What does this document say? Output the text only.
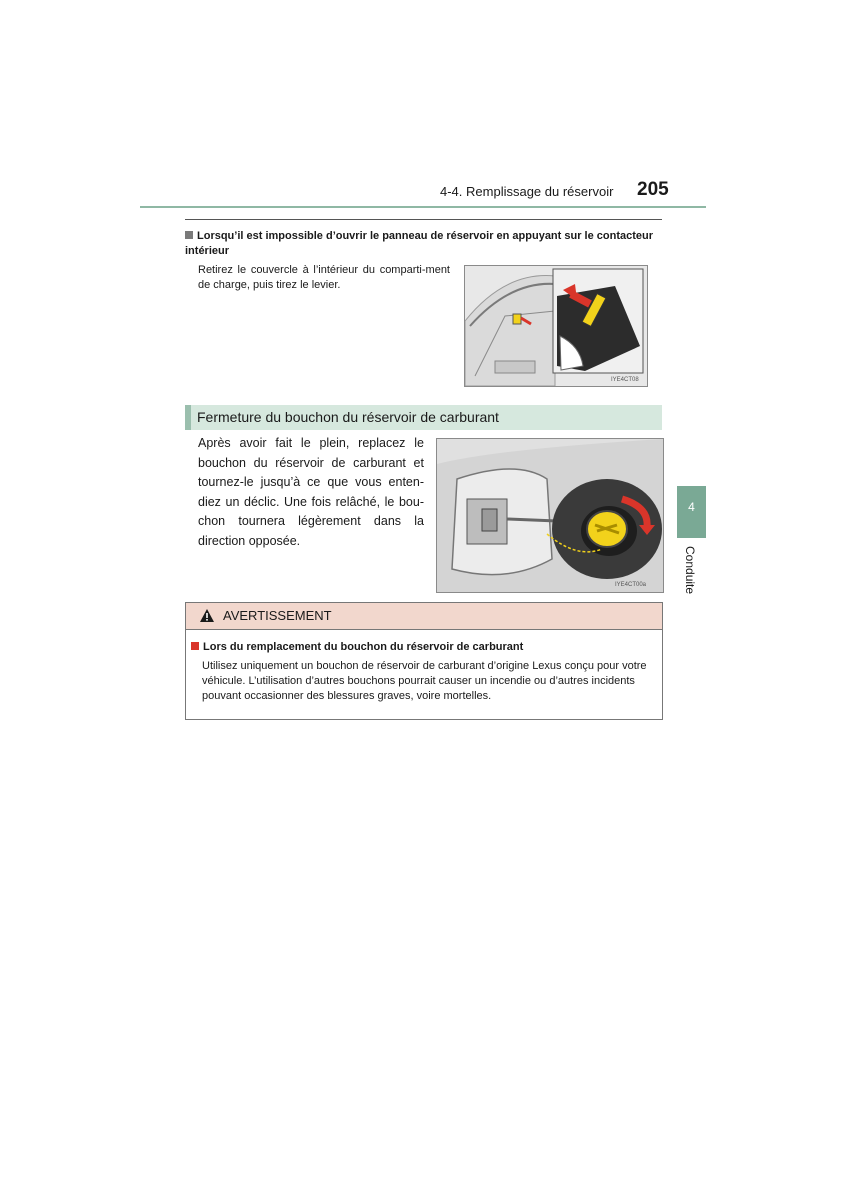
4-4. Remplissage du réservoir 205
Lorsqu’il est impossible d’ouvrir le panneau de réservoir en appuyant sur le contacteur intérieur
Retirez le couvercle à l’intérieur du comparti-ment de charge, puis tirez le levier.
IYE4CT08
Fermeture du bouchon du réservoir de carburant
Après avoir fait le plein, replacez le bouchon du réservoir de carburant et tournez-le jusqu’à ce que vous enten-diez un déclic. Une fois relâché, le bou-chon tournera légèrement dans la direction opposée.
IYE4CT00a
4
Conduite
AVERTISSEMENT
Lors du remplacement du bouchon du réservoir de carburant
Utilisez uniquement un bouchon de réservoir de carburant d’origine Lexus conçu pour votre véhicule. L’utilisation d’autres bouchons pourrait causer un incendie ou d’autres incidents pouvant occasionner des blessures graves, voire mortelles.
